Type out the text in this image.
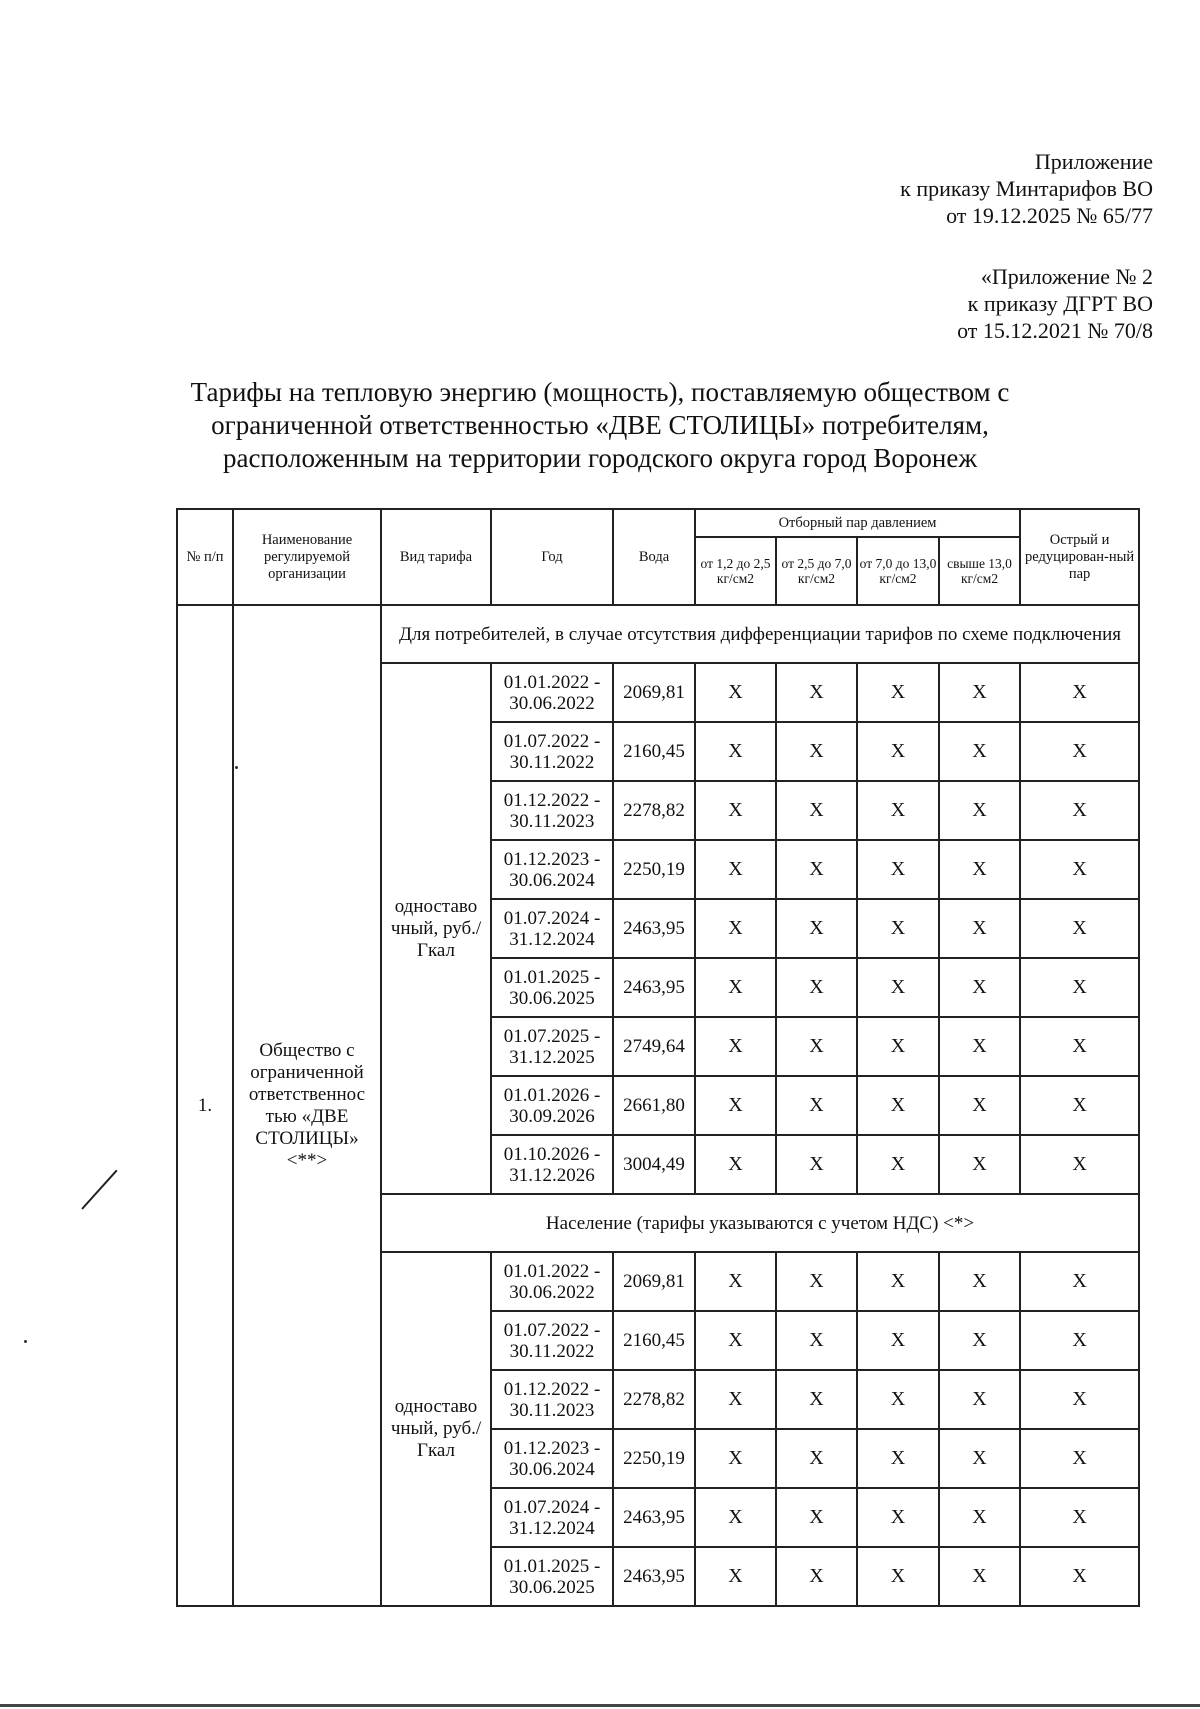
Приложение
к приказу Минтарифов ВО
от 19.12.2025 № 65/77
«Приложение № 2
к приказу ДГРТ ВО
от 15.12.2021 № 70/8
Тарифы на тепловую энергию (мощность), поставляемую обществом с
ограниченной ответственностью «ДВЕ СТОЛИЦЫ» потребителям,
расположенным на территории городского округа город Воронеж
№ п/п	Наименование регулируемой организации	Вид тарифа	Год	Вода	Отборный пар давлением				Острый и редуцирован-ный пар
					от 1,2 до 2,5 кг/см2	от 2,5 до 7,0 кг/см2	от 7,0 до 13,0 кг/см2	свыше 13,0 кг/см2	
1.	Общество с ограниченной ответственнос тью «ДВЕ СТОЛИЦЫ» <**>	Для потребителей, в случае отсутствия дифференциации тарифов по схеме подключения							
		одноставо чный, руб./Гкал	01.01.2022 - 30.06.2022	2069,81	X	X	X	X	X
			01.07.2022 - 30.11.2022	2160,45	X	X	X	X	X
			01.12.2022 - 30.11.2023	2278,82	X	X	X	X	X
			01.12.2023 - 30.06.2024	2250,19	X	X	X	X	X
			01.07.2024 - 31.12.2024	2463,95	X	X	X	X	X
			01.01.2025 - 30.06.2025	2463,95	X	X	X	X	X
			01.07.2025 - 31.12.2025	2749,64	X	X	X	X	X
			01.01.2026 - 30.09.2026	2661,80	X	X	X	X	X
			01.10.2026 - 31.12.2026	3004,49	X	X	X	X	X
		Население (тарифы указываются с учетом НДС) <*>							
		одноставо чный, руб./Гкал	01.01.2022 - 30.06.2022	2069,81	X	X	X	X	X
			01.07.2022 - 30.11.2022	2160,45	X	X	X	X	X
			01.12.2022 - 30.11.2023	2278,82	X	X	X	X	X
			01.12.2023 - 30.06.2024	2250,19	X	X	X	X	X
			01.07.2024 - 31.12.2024	2463,95	X	X	X	X	X
			01.01.2025 - 30.06.2025	2463,95	X	X	X	X	X
